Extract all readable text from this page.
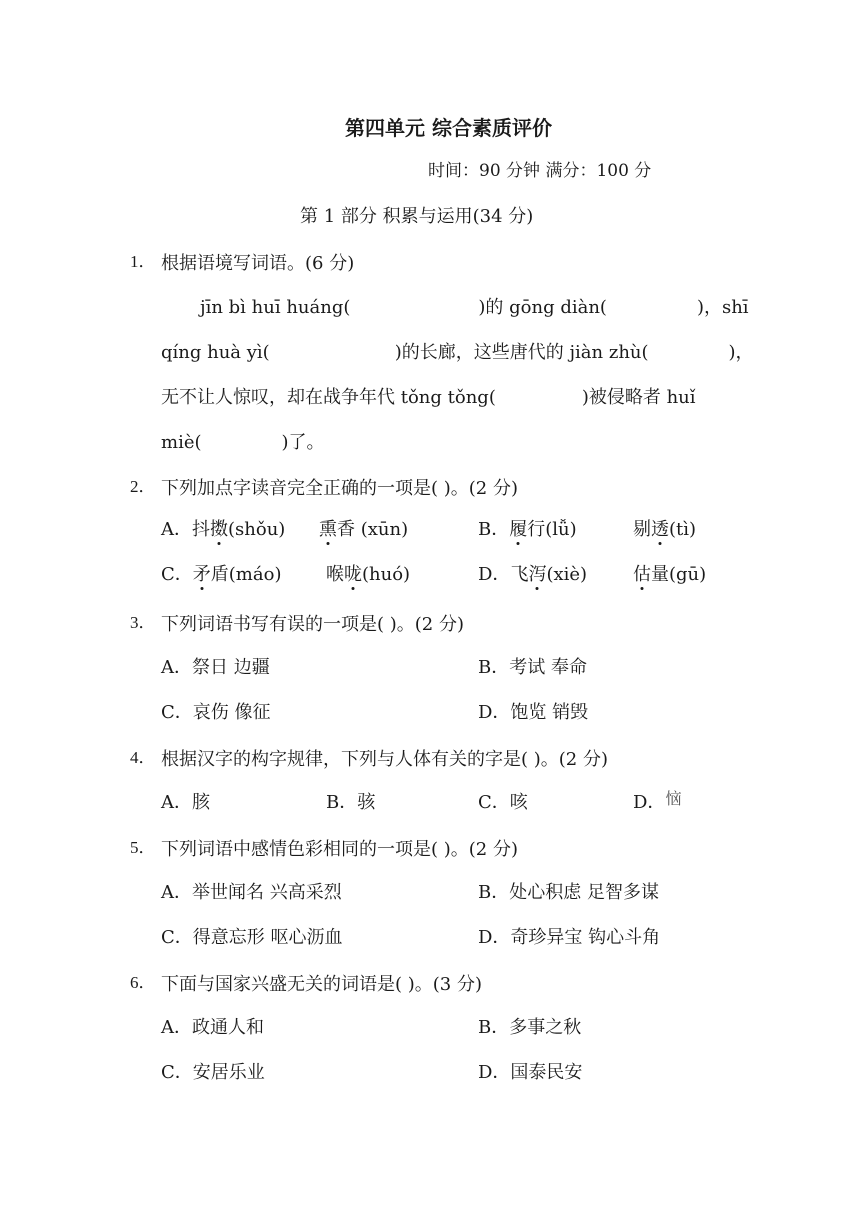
第四单元 综合素质评价
时间：90 分钟 满分：100 分
第 1 部分 积累与运用(34 分)
1． 根据语境写词语。(6 分)
jīn bì huī huáng(	)的 gōng diàn(	)，shī
qíng huà yì(	)的长廊，这些唐代的 jiàn zhù(	)，
无不让人惊叹，却在战争年代 tǒng tǒng(	)被侵略者 huǐ
miè(	)了。
2． 下列加点字读音完全正确的一项是( )。(2 分)
A．抖擞(shǒu) 熏香 (xūn)	B．履行(lǚ)	剔透(tì)
C．矛盾(máo) 喉咙(huó)	D．飞泻(xiè)	估量(gū)
3． 下列词语书写有误的一项是( )。(2 分)
A．祭日 边疆	B．考试 奉命
C．哀伤 像征	D．饱览 销毁
4． 根据汉字的构字规律，下列与人体有关的字是( )。(2 分)
A．胲	B．骇	C．咳	D．恼
5． 下列词语中感情色彩相同的一项是( )。(2 分)
A．举世闻名 兴高采烈	B．处心积虑 足智多谋
C．得意忘形 呕心沥血	D．奇珍异宝 钩心斗角
6． 下面与国家兴盛无关的词语是( )。(3 分)
A．政通人和	B．多事之秋
C．安居乐业	D．国泰民安
